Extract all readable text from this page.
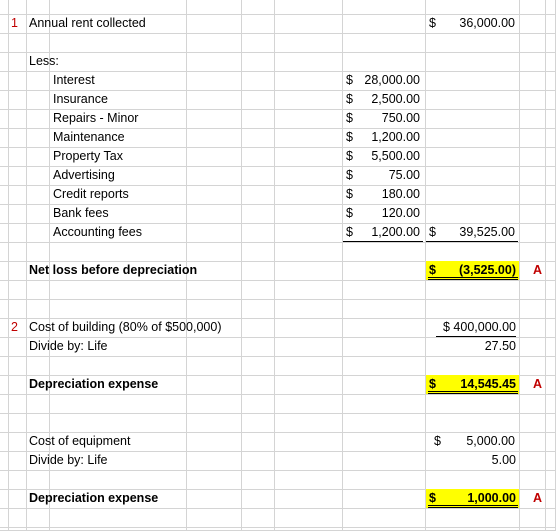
1 Annual rent collected	$ 36,000.00
Less:
Interest	$ 28,000.00
Insurance	$ 2,500.00
Repairs - Minor	$ 750.00
Maintenance	$ 1,200.00
Property Tax	$ 5,500.00
Advertising	$	75.00
Credit reports	$ 180.00
Bank fees	$ 120.00
Accounting fees	$ 1,200.00 $ 39,525.00
Net loss before depreciation	$ (3,525.00) A
2 Cost of building (80% of $500,000)	$ 400,000.00
Divide by: Life	27.50
Depreciation expense	$ 14,545.45 A
Cost of equipment	$ 5,000.00
Divide by: Life	5.00
Depreciation expense	$	1,000.00 A
